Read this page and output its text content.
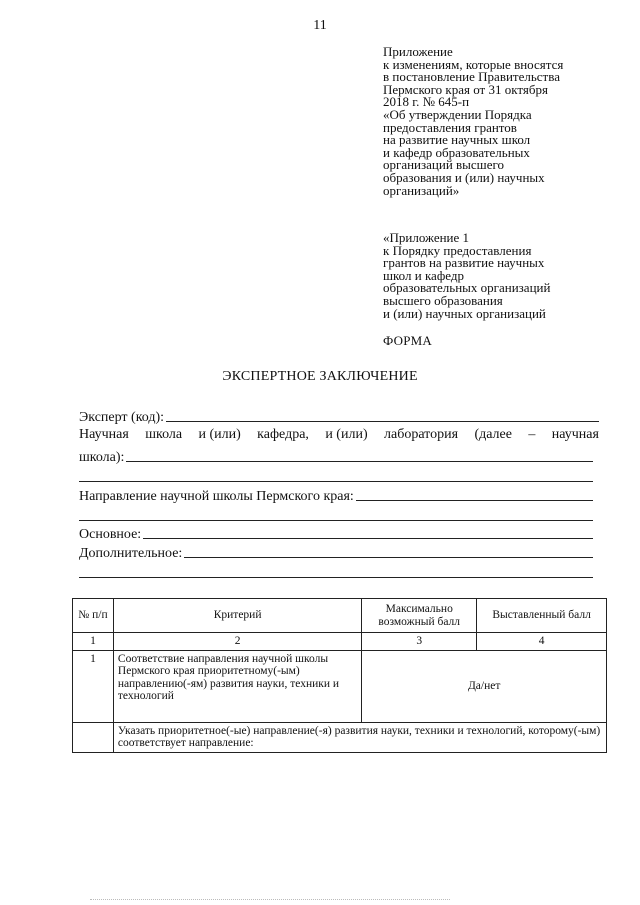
11
Приложение
к изменениям, которые вносятся
в постановление Правительства
Пермского края от 31 октября
2018 г. № 645-п
«Об утверждении Порядка
предоставления грантов
на развитие научных школ
и кафедр образовательных
организаций высшего
образования и (или) научных
организаций»
«Приложение 1
к Порядку предоставления
грантов на развитие научных
школ и кафедр
образовательных организаций
высшего образования
и (или) научных организаций
ФОРМА
ЭКСПЕРТНОЕ ЗАКЛЮЧЕНИЕ
Эксперт (код):
Научная школа и (или) кафедра, и (или) лаборатория (далее – научная
школа):
Направление научной школы Пермского края:
Основное:
Дополнительное:
№ п/п	Критерий	Максимально возможный балл	Выставленный балл
1	2	3	4
1	Соответствие направления научной школы Пермского края приоритетному(-ым) направлению(-ям) развития науки, техники и технологий	Да/нет	
	Указать приоритетное(-ые) направление(-я) развития науки, техники и технологий, которому(-ым) соответствует направление:		
